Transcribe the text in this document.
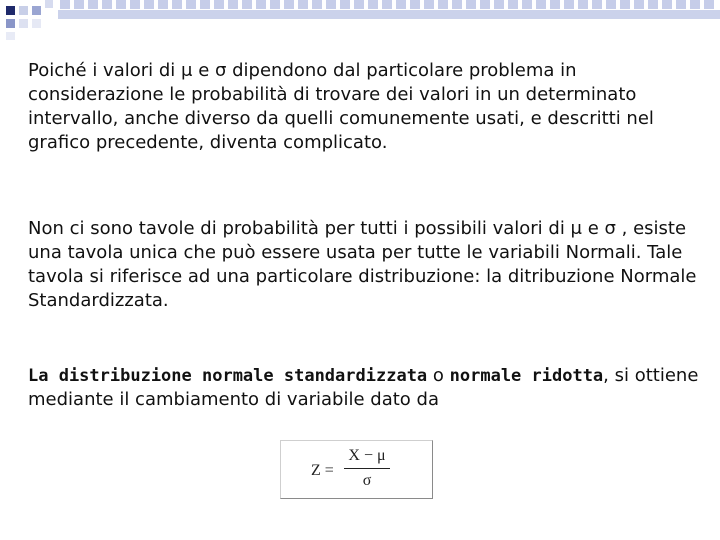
Poiché i valori di μ e σ dipendono dal particolare problema in considerazione le probabilità di trovare dei valori in un determinato intervallo, anche diverso da quelli comunemente usati, e descritti nel grafico precedente, diventa complicato.

Non ci sono tavole di probabilità per tutti i possibili valori di μ e σ , esiste una tavola unica che può essere usata per tutte le variabili Normali. Tale tavola si riferisce ad una particolare distribuzione: la ditribuzione Normale Standardizzata.

La distribuzione normale standardizzata o normale ridotta, si ottiene mediante il cambiamento di variabile dato da

Z =
X − μ
σ
